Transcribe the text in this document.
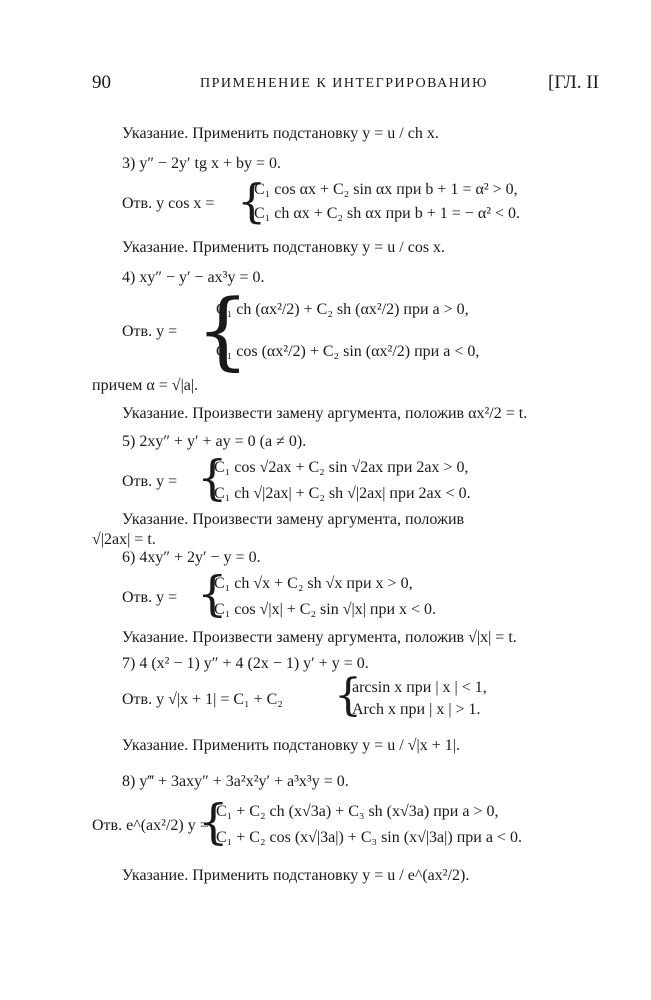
90	ПРИМЕНЕНИЕ К ИНТЕГРИРОВАНИЮ	[ГЛ. II
Указание. Применить подстановку y = u / ch x.
3) y″ − 2y′ tg x + by = 0.
Отв. y cos x = {
C₁ cos αx + C₂ sin αx при b + 1 = α² > 0,
C₁ ch αx + C₂ sh αx при b + 1 = − α² < 0.
Указание. Применить подстановку y = u / cos x.
4) xy″ − y′ − ax³y = 0.
Отв. y = {
C₁ ch (αx²/2) + C₂ sh (αx²/2) при a > 0,
C₁ cos (αx²/2) + C₂ sin (αx²/2) при a < 0,
причем α = √|a|.
Указание. Произвести замену аргумента, положив αx²/2 = t.
5) 2xy″ + y′ + ay = 0 (a ≠ 0).
Отв. y = {
C₁ cos √2ax + C₂ sin √2ax при 2ax > 0,
C₁ ch √|2ax| + C₂ sh √|2ax| при 2ax < 0.
Указание. Произвести замену аргумента, положив
√|2ax| = t.
6) 4xy″ + 2y′ − y = 0.
Отв. y = {
C₁ ch √x + C₂ sh √x при x > 0,
C₁ cos √|x| + C₂ sin √|x| при x < 0.
Указание. Произвести замену аргумента, положив √|x| = t.
7) 4 (x² − 1) y″ + 4 (2x − 1) y′ + y = 0.
Отв. y √|x + 1| = C₁ + C₂ {
arcsin x при | x | < 1,
Arch x при | x | > 1.
Указание. Применить подстановку y = u / √|x + 1|.
8) y‴ + 3axy″ + 3a²x²y′ + a³x³y = 0.
Отв. e^(ax²/2) y =
{
C₁ + C₂ ch (x√3a) + C₃ sh (x√3a) при a > 0,
C₁ + C₂ cos (x√|3a|) + C₃ sin (x√|3a|) при a < 0.
Указание. Применить подстановку y = u / e^(ax²/2).
